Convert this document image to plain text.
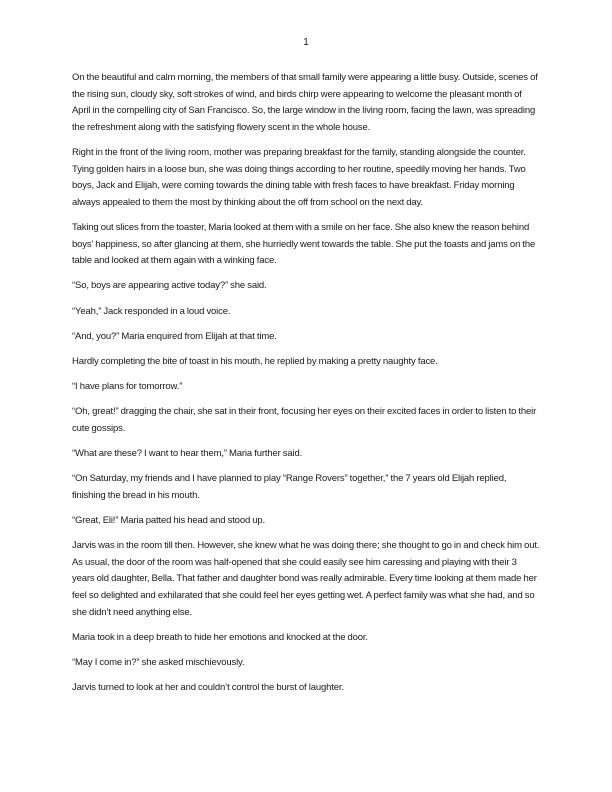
1

On the beautiful and calm morning, the members of that small family were appearing a little busy. Outside, scenes of the rising sun, cloudy sky, soft strokes of wind, and birds chirp were appearing to welcome the pleasant month of April in the compelling city of San Francisco. So, the large window in the living room, facing the lawn, was spreading the refreshment along with the satisfying flowery scent in the whole house.

Right in the front of the living room, mother was preparing breakfast for the family, standing alongside the counter. Tying golden hairs in a loose bun, she was doing things according to her routine, speedily moving her hands. Two boys, Jack and Elijah, were coming towards the dining table with fresh faces to have breakfast. Friday morning always appealed to them the most by thinking about the off from school on the next day.

Taking out slices from the toaster, Maria looked at them with a smile on her face. She also knew the reason behind boys’ happiness, so after glancing at them, she hurriedly went towards the table. She put the toasts and jams on the table and looked at them again with a winking face.

“So, boys are appearing active today?” she said.

“Yeah,” Jack responded in a loud voice.

“And, you?” Maria enquired from Elijah at that time.

Hardly completing the bite of toast in his mouth, he replied by making a pretty naughty face.

“I have plans for tomorrow.”

“Oh, great!” dragging the chair, she sat in their front, focusing her eyes on their excited faces in order to listen to their cute gossips.

“What are these? I want to hear them,” Maria further said.

“On Saturday, my friends and I have planned to play “Range Rovers” together,” the 7 years old Elijah replied, finishing the bread in his mouth.

“Great, Eli!” Maria patted his head and stood up.

Jarvis was in the room till then. However, she knew what he was doing there; she thought to go in and check him out. As usual, the door of the room was half-opened that she could easily see him caressing and playing with their 3 years old daughter, Bella. That father and daughter bond was really admirable. Every time looking at them made her feel so delighted and exhilarated that she could feel her eyes getting wet. A perfect family was what she had, and so she didn’t need anything else.

Maria took in a deep breath to hide her emotions and knocked at the door.

“May I come in?” she asked mischievously.

Jarvis turned to look at her and couldn’t control the burst of laughter.
